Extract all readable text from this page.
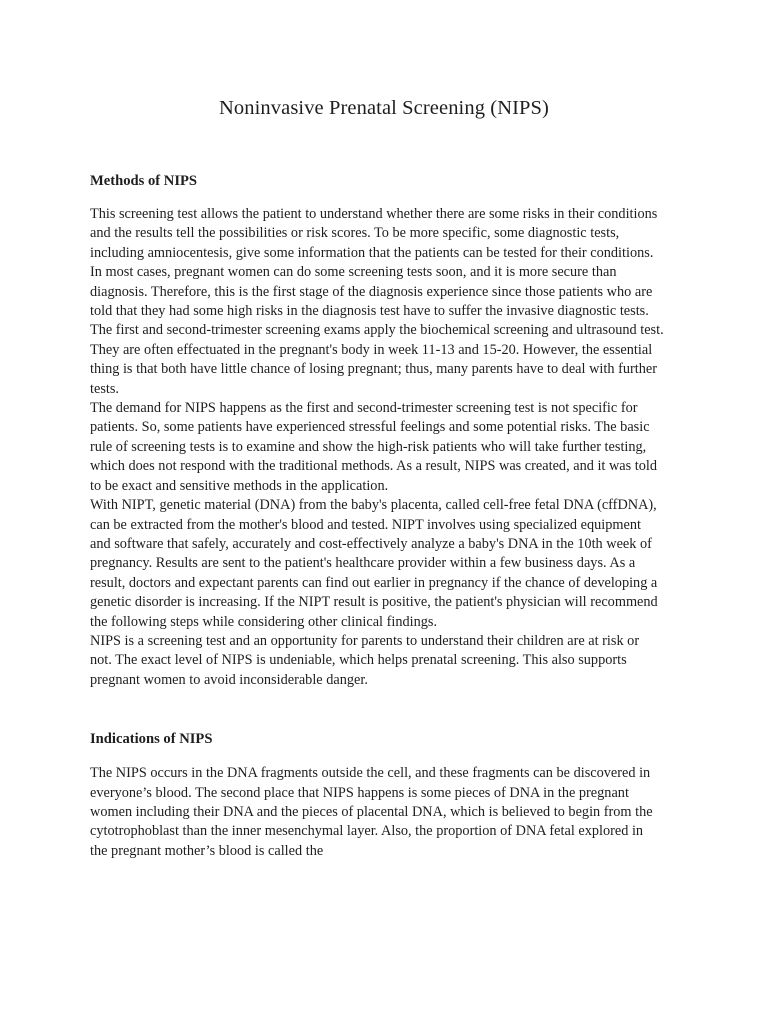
Noninvasive Prenatal Screening (NIPS)
Methods of NIPS

This screening test allows the patient to understand whether there are some risks in their conditions and the results tell the possibilities or risk scores. To be more specific, some diagnostic tests, including amniocentesis, give some information that the patients can be tested for their conditions. In most cases, pregnant women can do some screening tests soon, and it is more secure than diagnosis. Therefore, this is the first stage of the diagnosis experience since those patients who are told that they had some high risks in the diagnosis test have to suffer the invasive diagnostic tests.

The first and second-trimester screening exams apply the biochemical screening and ultrasound test. They are often effectuated in the pregnant's body in week 11-13 and 15-20. However, the essential thing is that both have little chance of losing pregnant; thus, many parents have to deal with further tests.

The demand for NIPS happens as the first and second-trimester screening test is not specific for patients. So, some patients have experienced stressful feelings and some potential risks. The basic rule of screening tests is to examine and show the high-risk patients who will take further testing, which does not respond with the traditional methods. As a result, NIPS was created, and it was told to be exact and sensitive methods in the application.

With NIPT, genetic material (DNA) from the baby's placenta, called cell-free fetal DNA (cffDNA), can be extracted from the mother's blood and tested. NIPT involves using specialized equipment and software that safely, accurately and cost-effectively analyze a baby's DNA in the 10th week of pregnancy. Results are sent to the patient's healthcare provider within a few business days. As a result, doctors and expectant parents can find out earlier in pregnancy if the chance of developing a genetic disorder is increasing. If the NIPT result is positive, the patient's physician will recommend the following steps while considering other clinical findings.

NIPS is a screening test and an opportunity for parents to understand their children are at risk or not. The exact level of NIPS is undeniable, which helps prenatal screening. This also supports pregnant women to avoid inconsiderable danger.

Indications of NIPS

The NIPS occurs in the DNA fragments outside the cell, and these fragments can be discovered in everyone’s blood. The second place that NIPS happens is some pieces of DNA in the pregnant women including their DNA and the pieces of placental DNA, which is believed to begin from the cytotrophoblast than the inner mesenchymal layer. Also, the proportion of DNA fetal explored in the pregnant mother’s blood is called the
